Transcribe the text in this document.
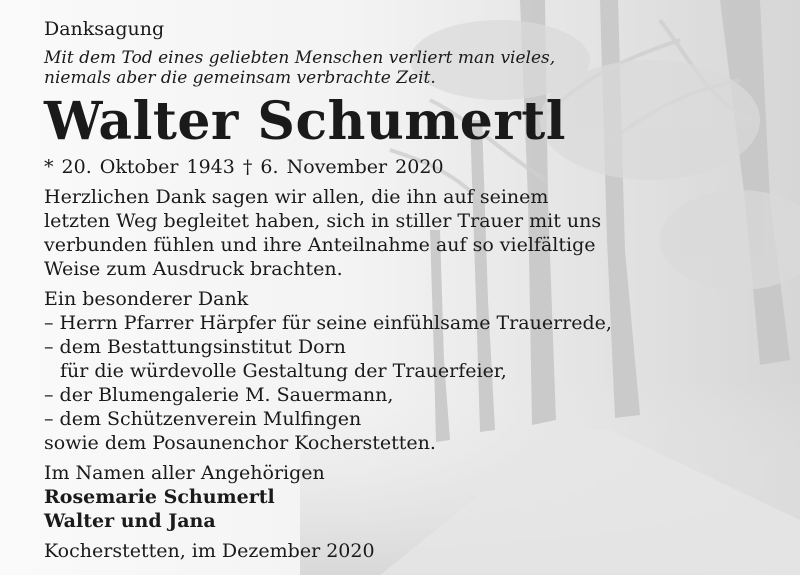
Danksagung
Mit dem Tod eines geliebten Menschen verliert man vieles,
niemals aber die gemeinsam verbrachte Zeit.
Walter Schumertl
* 20. Oktober 1943 † 6. November 2020
Herzlichen Dank sagen wir allen, die ihn auf seinem
letzten Weg begleitet haben, sich in stiller Trauer mit uns
verbunden fühlen und ihre Anteilnahme auf so vielfältige
Weise zum Ausdruck brachten.
Ein besonderer Dank
– Herrn Pfarrer Härpfer für seine einfühlsame Trauerrede,
– dem Bestattungsinstitut Dorn
für die würdevolle Gestaltung der Trauerfeier,
– der Blumengalerie M. Sauermann,
– dem Schützenverein Mulfingen
sowie dem Posaunenchor Kocherstetten.
Im Namen aller Angehörigen
Rosemarie Schumertl
Walter und Jana
Kocherstetten, im Dezember 2020
